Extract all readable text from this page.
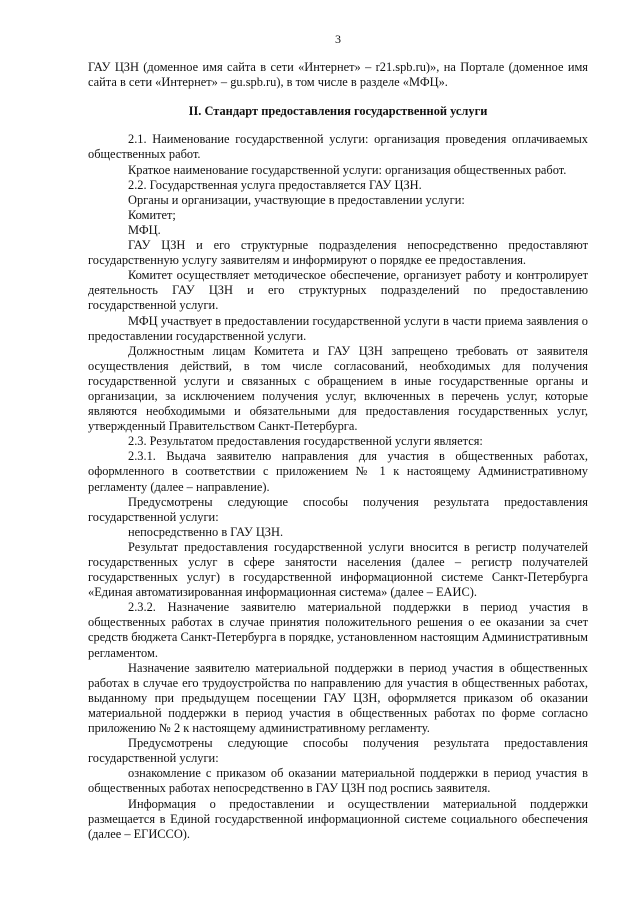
3

ГАУ ЦЗН (доменное имя сайта в сети «Интернет» – r21.spb.ru)», на Портале (доменное имя сайта в сети «Интернет» – gu.spb.ru), в том числе в разделе «МФЦ».

II. Стандарт предоставления государственной услуги

2.1. Наименование государственной услуги: организация проведения оплачиваемых общественных работ.

Краткое наименование государственной услуги: организация общественных работ.

2.2. Государственная услуга предоставляется ГАУ ЦЗН.

Органы и организации, участвующие в предоставлении услуги:

Комитет;

МФЦ.

ГАУ ЦЗН и его структурные подразделения непосредственно предоставляют государственную услугу заявителям и информируют о порядке ее предоставления.

Комитет осуществляет методическое обеспечение, организует работу и контролирует деятельность ГАУ ЦЗН и его структурных подразделений по предоставлению государственной услуги.

МФЦ участвует в предоставлении государственной услуги в части приема заявления о предоставлении государственной услуги.

Должностным лицам Комитета и ГАУ ЦЗН запрещено требовать от заявителя осуществления действий, в том числе согласований, необходимых для получения государственной услуги и связанных с обращением в иные государственные органы и организации, за исключением получения услуг, включенных в перечень услуг, которые являются необходимыми и обязательными для предоставления государственных услуг, утвержденный Правительством Санкт-Петербурга.

2.3. Результатом предоставления государственной услуги является:

2.3.1. Выдача заявителю направления для участия в общественных работах, оформленного в соответствии с приложением № 1 к настоящему Административному регламенту (далее – направление).

Предусмотрены следующие способы получения результата предоставления государственной услуги:

непосредственно в ГАУ ЦЗН.

Результат предоставления государственной услуги вносится в регистр получателей государственных услуг в сфере занятости населения (далее – регистр получателей государственных услуг) в государственной информационной системе Санкт-Петербурга «Единая автоматизированная информационная система» (далее – ЕАИС).

2.3.2. Назначение заявителю материальной поддержки в период участия в общественных работах в случае принятия положительного решения о ее оказании за счет средств бюджета Санкт-Петербурга в порядке, установленном настоящим Административным регламентом.

Назначение заявителю материальной поддержки в период участия в общественных работах в случае его трудоустройства по направлению для участия в общественных работах, выданному при предыдущем посещении ГАУ ЦЗН, оформляется приказом об оказании материальной поддержки в период участия в общественных работах по форме согласно приложению № 2 к настоящему административному регламенту.

Предусмотрены следующие способы получения результата предоставления государственной услуги:

ознакомление с приказом об оказании материальной поддержки в период участия в общественных работах непосредственно в ГАУ ЦЗН под роспись заявителя.

Информация о предоставлении и осуществлении материальной поддержки размещается в Единой государственной информационной системе социального обеспечения (далее – ЕГИССО).
